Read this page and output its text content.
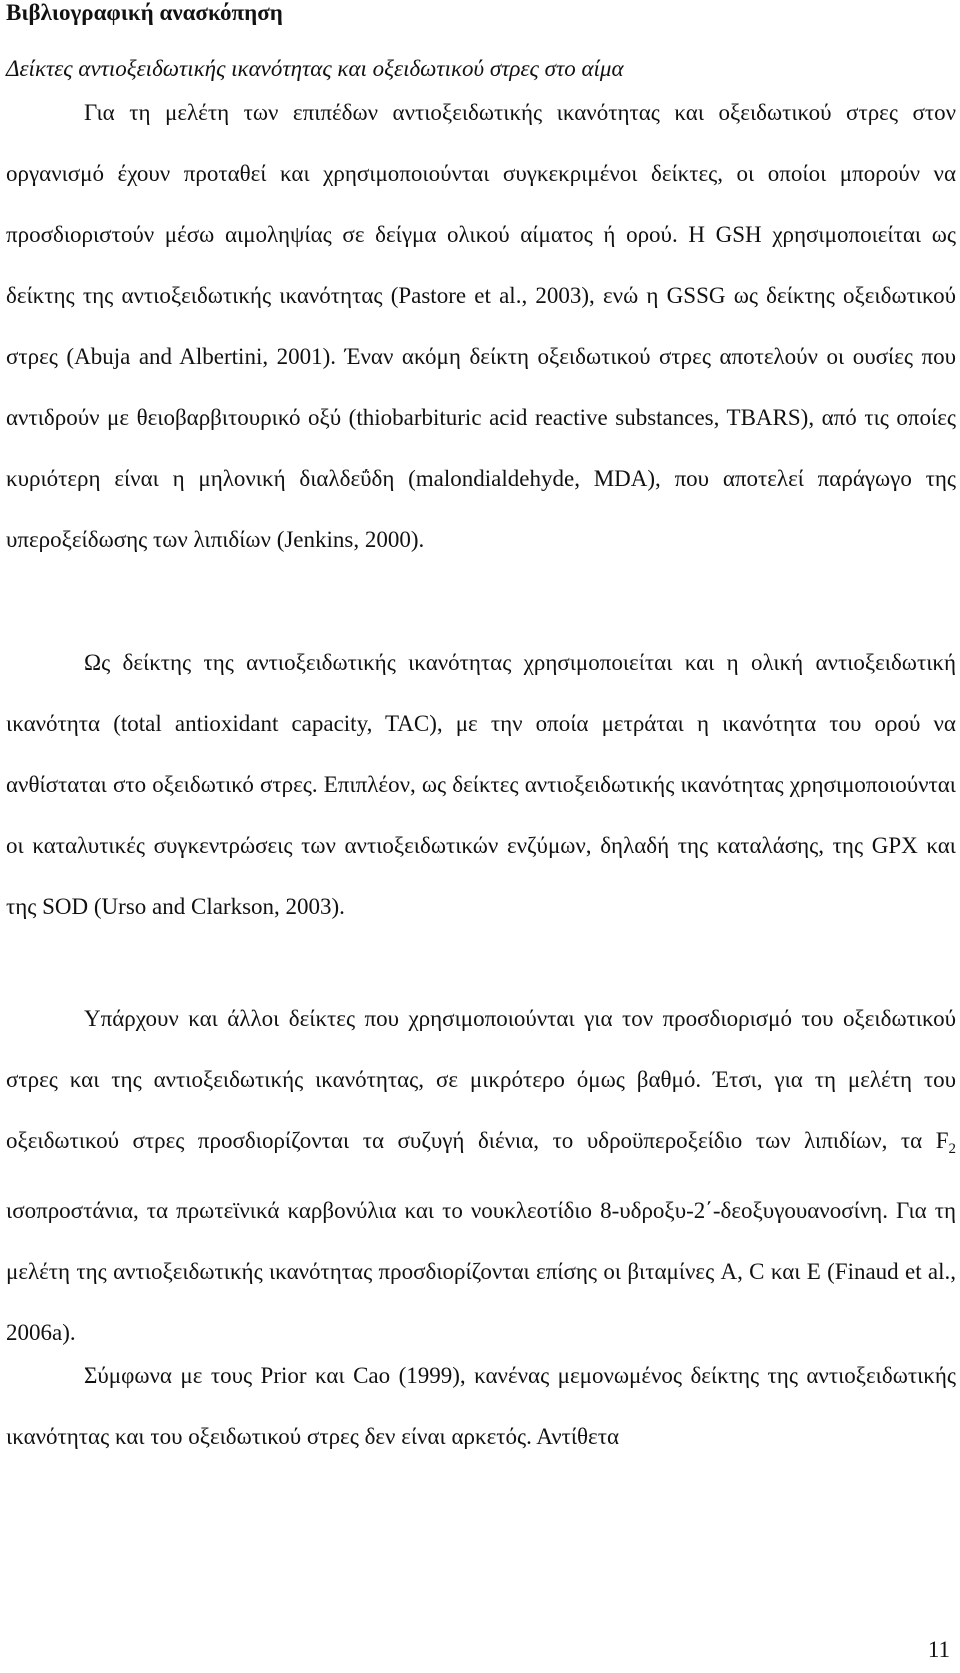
Βιβλιογραφική ανασκόπηση
Δείκτες αντιοξειδωτικής ικανότητας και οξειδωτικού στρες στο αίμα

Για τη μελέτη των επιπέδων αντιοξειδωτικής ικανότητας και οξειδωτικού στρες στον οργανισμό έχουν προταθεί και χρησιμοποιούνται συγκεκριμένοι δείκτες, οι οποίοι μπορούν να προσδιοριστούν μέσω αιμοληψίας σε δείγμα ολικού αίματος ή ορού. Η GSH χρησιμοποιείται ως δείκτης της αντιοξειδωτικής ικανότητας (Pastore et al., 2003), ενώ η GSSG ως δείκτης οξειδωτικού στρες (Abuja and Albertini, 2001). Έναν ακόμη δείκτη οξειδωτικού στρες αποτελούν οι ουσίες που αντιδρούν με θειοβαρβιτουρικό οξύ (thiobarbituric acid reactive substances, TBARS), από τις οποίες κυριότερη είναι η μηλονική διαλδεΰδη (malondialdehyde, MDA), που αποτελεί παράγωγο της υπεροξείδωσης των λιπιδίων (Jenkins, 2000).

Ως δείκτης της αντιοξειδωτικής ικανότητας χρησιμοποιείται και η ολική αντιοξειδωτική ικανότητα (total antioxidant capacity, TAC), με την οποία μετράται η ικανότητα του ορού να ανθίσταται στο οξειδωτικό στρες. Επιπλέον, ως δείκτες αντιοξειδωτικής ικανότητας χρησιμοποιούνται οι καταλυτικές συγκεντρώσεις των αντιοξειδωτικών ενζύμων, δηλαδή της καταλάσης, της GPX και της SOD (Urso and Clarkson, 2003).

Υπάρχουν και άλλοι δείκτες που χρησιμοποιούνται για τον προσδιορισμό του οξειδωτικού στρες και της αντιοξειδωτικής ικανότητας, σε μικρότερο όμως βαθμό. Έτσι, για τη μελέτη του οξειδωτικού στρες προσδιορίζονται τα συζυγή διένια, το υδροϋπεροξείδιο των λιπιδίων, τα $F_2$ ισοπροστάνια, τα πρωτεϊνικά καρβονύλια και το νουκλεοτίδιο 8-υδροξυ-2΄-δεοξυγουανοσίνη. Για τη μελέτη της αντιοξειδωτικής ικανότητας προσδιορίζονται επίσης οι βιταμίνες A, C και E (Finaud et al., 2006a).

Σύμφωνα με τους Prior και Cao (1999), κανένας μεμονωμένος δείκτης της αντιοξειδωτικής ικανότητας και του οξειδωτικού στρες δεν είναι αρκετός. Αντίθετα

11
